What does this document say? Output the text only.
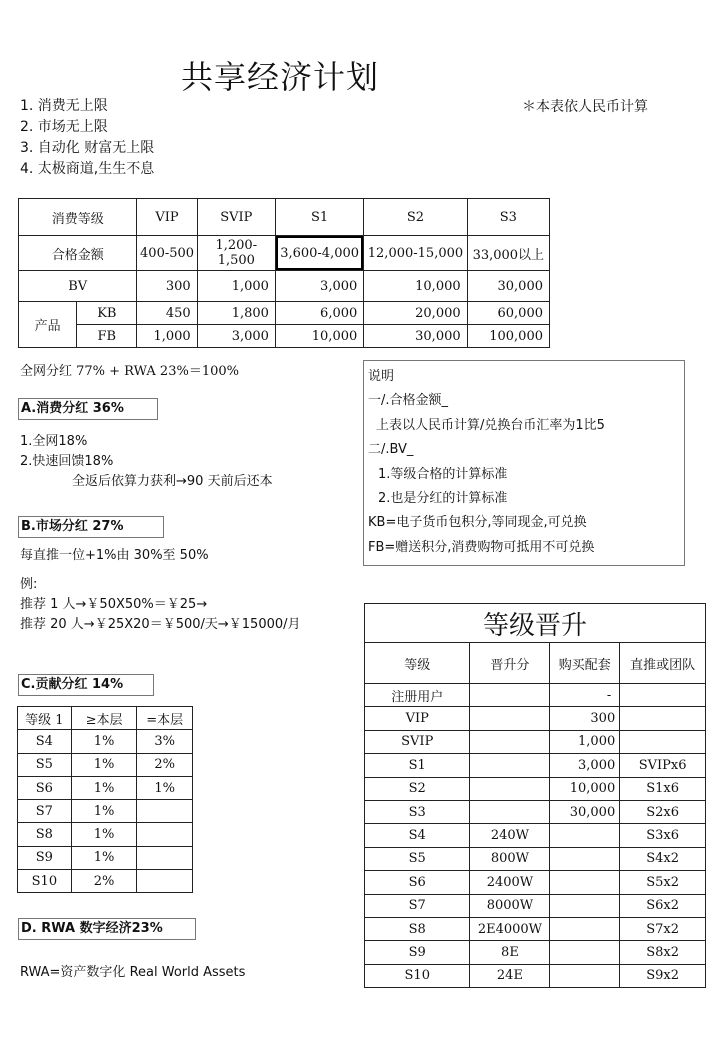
共享经济计划
1. 消费无上限
2. 市场无上限
3. 自动化 财富无上限
4. 太极商道,生生不息
＊本表依人民币计算
消费等级		VIP	SVIP	S1	S2	S3
合格金额		400-500	1,200-1,500	3,600-4,000	12,000-15,000	33,000以上
BV		300	1,000	3,000	10,000	30,000
产品	KB	450	1,800	6,000	20,000	60,000
	FB	1,000	3,000	10,000	30,000	100,000
全网分红 77% + RWA 23%＝100%
A.消费分红 36%
1.全网18%
2.快速回馈18%
全返后依算力获利→90 天前后还本
B.市场分红 27%
每直推一位+1%由 30%至 50%
例:
推荐 1 人→￥50X50%＝￥25→
推荐 20 人→￥25X20＝￥500/天→￥15000/月
C.贡献分红 14%
等级 1	≥本层	=本层
S4	1%	3%
S5	1%	2%
S6	1%	1%
S7	1%	
S8	1%	
S9	1%	
S10	2%	
D. RWA 数字经济23%
RWA=资产数字化 Real World Assets
说明
一/.合格金额_
上表以人民币计算/兑换台币汇率为1比5
二/.BV_
1.等级合格的计算标准
2.也是分红的计算标准
KB=电子货币包积分,等同现金,可兑换
FB=赠送积分,消费购物可抵用不可兑换
等级晋升			
等级	晋升分	购买配套	直推或团队
注册用户		-	
VIP		300	
SVIP		1,000	
S1		3,000	SVIPx6
S2		10,000	S1x6
S3		30,000	S2x6
S4	240W		S3x6
S5	800W		S4x2
S6	2400W		S5x2
S7	8000W		S6x2
S8	2E4000W		S7x2
S9	8E		S8x2
S10	24E		S9x2
